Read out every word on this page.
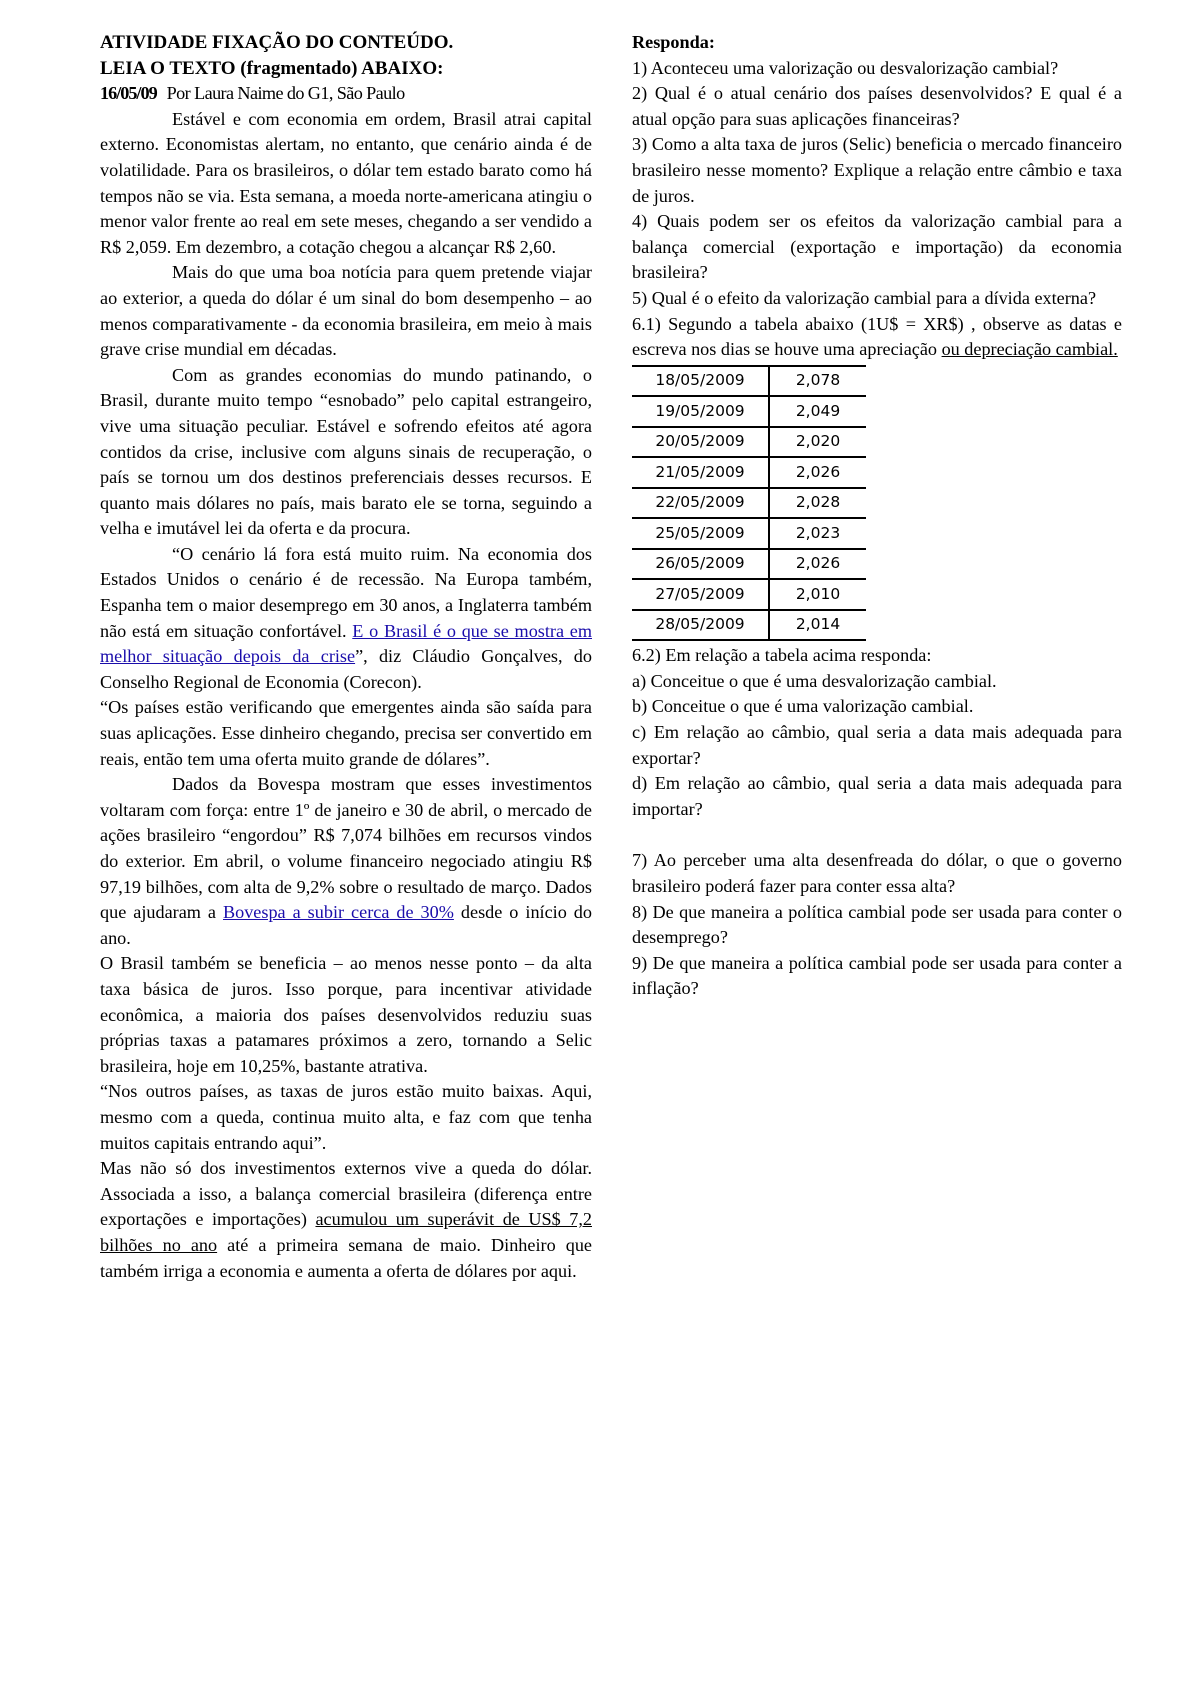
ATIVIDADE FIXAÇÃO DO CONTEÚDO.
LEIA O TEXTO (fragmentado) ABAIXO:
16/05/09 Por Laura Naime do G1, São Paulo

Estável e com economia em ordem, Brasil atrai capital externo. Economistas alertam, no entanto, que cenário ainda é de volatilidade. Para os brasileiros, o dólar tem estado barato como há tempos não se via. Esta semana, a moeda norte-americana atingiu o menor valor frente ao real em sete meses, chegando a ser vendido a R$ 2,059. Em dezembro, a cotação chegou a alcançar R$ 2,60.

Mais do que uma boa notícia para quem pretende viajar ao exterior, a queda do dólar é um sinal do bom desempenho – ao menos comparativamente - da economia brasileira, em meio à mais grave crise mundial em décadas.

Com as grandes economias do mundo patinando, o Brasil, durante muito tempo “esnobado” pelo capital estrangeiro, vive uma situação peculiar. Estável e sofrendo efeitos até agora contidos da crise, inclusive com alguns sinais de recuperação, o país se tornou um dos destinos preferenciais desses recursos. E quanto mais dólares no país, mais barato ele se torna, seguindo a velha e imutável lei da oferta e da procura.

“O cenário lá fora está muito ruim. Na economia dos Estados Unidos o cenário é de recessão. Na Europa também, Espanha tem o maior desemprego em 30 anos, a Inglaterra também não está em situação confortável. E o Brasil é o que se mostra em melhor situação depois da crise”, diz Cláudio Gonçalves, do Conselho Regional de Economia (Corecon).

“Os países estão verificando que emergentes ainda são saída para suas aplicações. Esse dinheiro chegando, precisa ser convertido em reais, então tem uma oferta muito grande de dólares”.

Dados da Bovespa mostram que esses investimentos voltaram com força: entre 1º de janeiro e 30 de abril, o mercado de ações brasileiro “engordou” R$ 7,074 bilhões em recursos vindos do exterior. Em abril, o volume financeiro negociado atingiu R$ 97,19 bilhões, com alta de 9,2% sobre o resultado de março. Dados que ajudaram a Bovespa a subir cerca de 30% desde o início do ano.

O Brasil também se beneficia – ao menos nesse ponto – da alta taxa básica de juros. Isso porque, para incentivar atividade econômica, a maioria dos países desenvolvidos reduziu suas próprias taxas a patamares próximos a zero, tornando a Selic brasileira, hoje em 10,25%, bastante atrativa.

“Nos outros países, as taxas de juros estão muito baixas. Aqui, mesmo com a queda, continua muito alta, e faz com que tenha muitos capitais entrando aqui”.

Mas não só dos investimentos externos vive a queda do dólar. Associada a isso, a balança comercial brasileira (diferença entre exportações e importações) acumulou um superávit de US$ 7,2 bilhões no ano até a primeira semana de maio. Dinheiro que também irriga a economia e aumenta a oferta de dólares por aqui.

Responda:

1) Aconteceu uma valorização ou desvalorização cambial?

2) Qual é o atual cenário dos países desenvolvidos? E qual é a atual opção para suas aplicações financeiras?

3) Como a alta taxa de juros (Selic) beneficia o mercado financeiro brasileiro nesse momento? Explique a relação entre câmbio e taxa de juros.

4) Quais podem ser os efeitos da valorização cambial para a balança comercial (exportação e importação) da economia brasileira?

5) Qual é o efeito da valorização cambial para a dívida externa?

6.1) Segundo a tabela abaixo (1U$ = XR$) , observe as datas e escreva nos dias se houve uma apreciação ou depreciação cambial.

18/05/2009	2,078
19/05/2009	2,049
20/05/2009	2,020
21/05/2009	2,026
22/05/2009	2,028
25/05/2009	2,023
26/05/2009	2,026
27/05/2009	2,010
28/05/2009	2,014

6.2) Em relação a tabela acima responda:

a) Conceitue o que é uma desvalorização cambial.

b) Conceitue o que é uma valorização cambial.

c) Em relação ao câmbio, qual seria a data mais adequada para exportar?

d) Em relação ao câmbio, qual seria a data mais adequada para importar?

7) Ao perceber uma alta desenfreada do dólar, o que o governo brasileiro poderá fazer para conter essa alta?

8) De que maneira a política cambial pode ser usada para conter o desemprego?

9) De que maneira a política cambial pode ser usada para conter a inflação?
